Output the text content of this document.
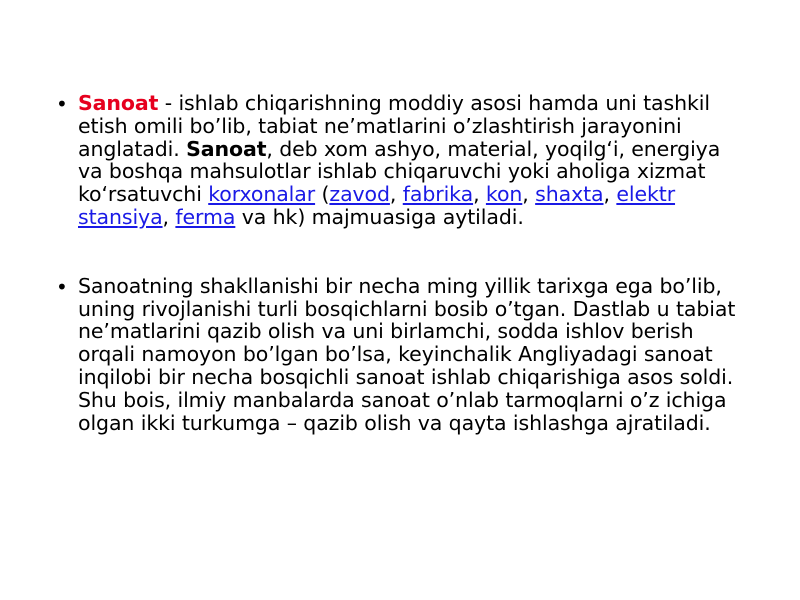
• Sanoat - ishlab chiqarishning moddiy asosi hamda uni tashkil etish omili bo’lib, tabiat ne’matlarini o’zlashtirish jarayonini anglatadi. Sanoat, deb xom ashyo, material, yoqilg‘i, energiya va boshqa mahsulotlar ishlab chiqaruvchi yoki aholiga xizmat ko‘rsatuvchi korxonalar (zavod, fabrika, kon, shaxta, elektr stansiya, ferma va hk) majmuasiga aytiladi.
• Sanoatning shakllanishi bir necha ming yillik tarixga ega bo’lib, uning rivojlanishi turli bosqichlarni bosib o’tgan. Dastlab u tabiat ne’matlarini qazib olish va uni birlamchi, sodda ishlov berish orqali namoyon bo’lgan bo’lsa, keyinchalik Angliyadagi sanoat inqilobi bir necha bosqichli sanoat ishlab chiqarishiga asos soldi. Shu bois, ilmiy manbalarda sanoat o’nlab tarmoqlarni o’z ichiga olgan ikki turkumga – qazib olish va qayta ishlashga ajratiladi.
